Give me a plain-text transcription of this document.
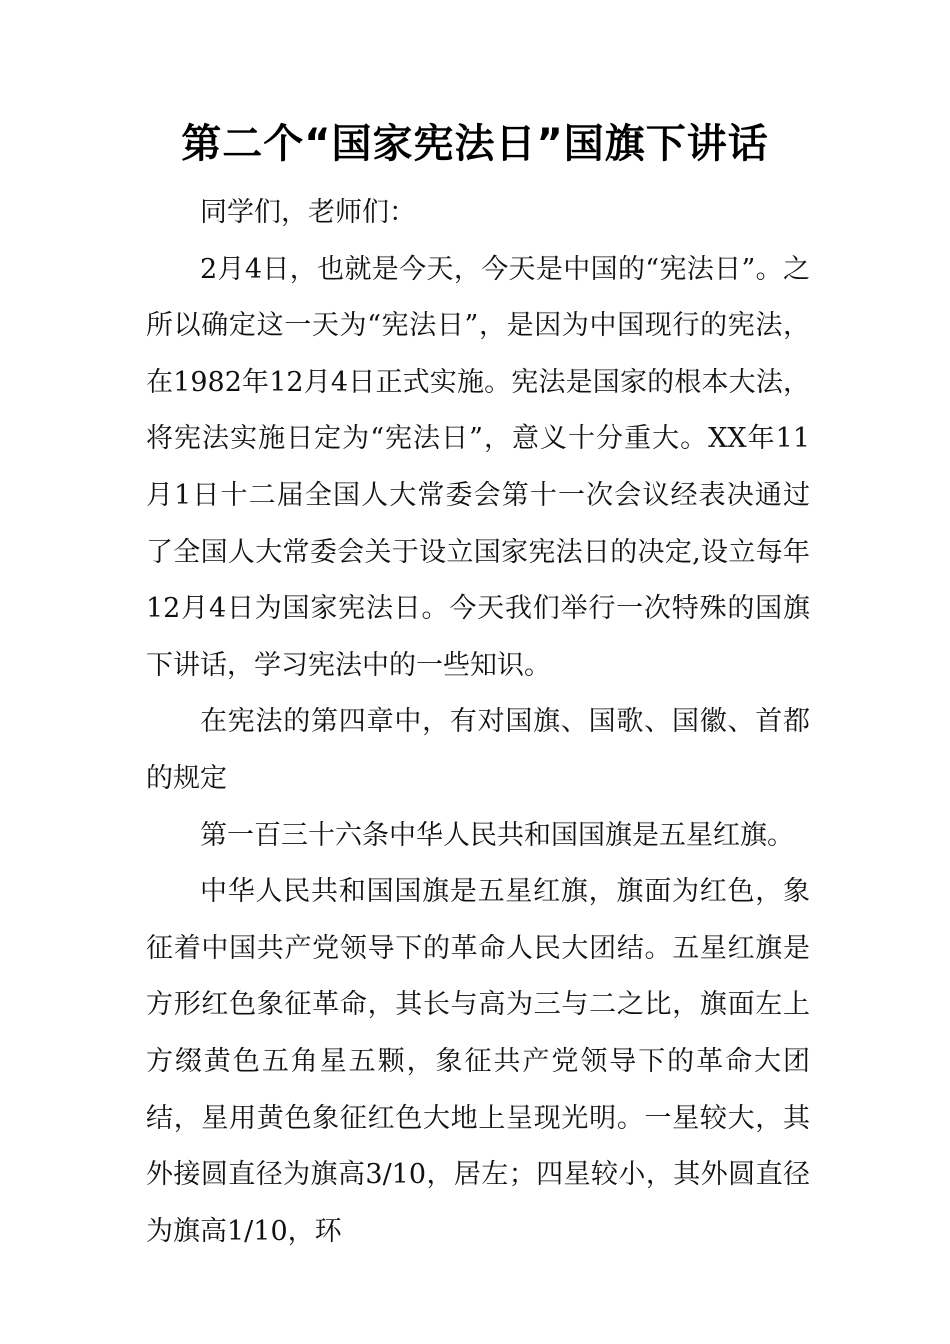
第二个“国家宪法日”国旗下讲话

同学们，老师们：

2月4日，也就是今天，今天是中国的“宪法日”。之所以确定这一天为“宪法日”，是因为中国现行的宪法，在1982年12月4日正式实施。宪法是国家的根本大法，将宪法实施日定为“宪法日”，意义十分重大。XX年11月1日十二届全国人大常委会第十一次会议经表决通过了全国人大常委会关于设立国家宪法日的决定,设立每年12月4日为国家宪法日。今天我们举行一次特殊的国旗下讲话，学习宪法中的一些知识。

在宪法的第四章中，有对国旗、国歌、国徽、首都的规定

第一百三十六条中华人民共和国国旗是五星红旗。

中华人民共和国国旗是五星红旗，旗面为红色，象征着中国共产党领导下的革命人民大团结。五星红旗是方形红色象征革命，其长与高为三与二之比，旗面左上方缀黄色五角星五颗，象征共产党领导下的革命大团结，星用黄色象征红色大地上呈现光明。一星较大，其外接圆直径为旗高3/10，居左；四星较小，其外圆直径为旗高1/10，环
